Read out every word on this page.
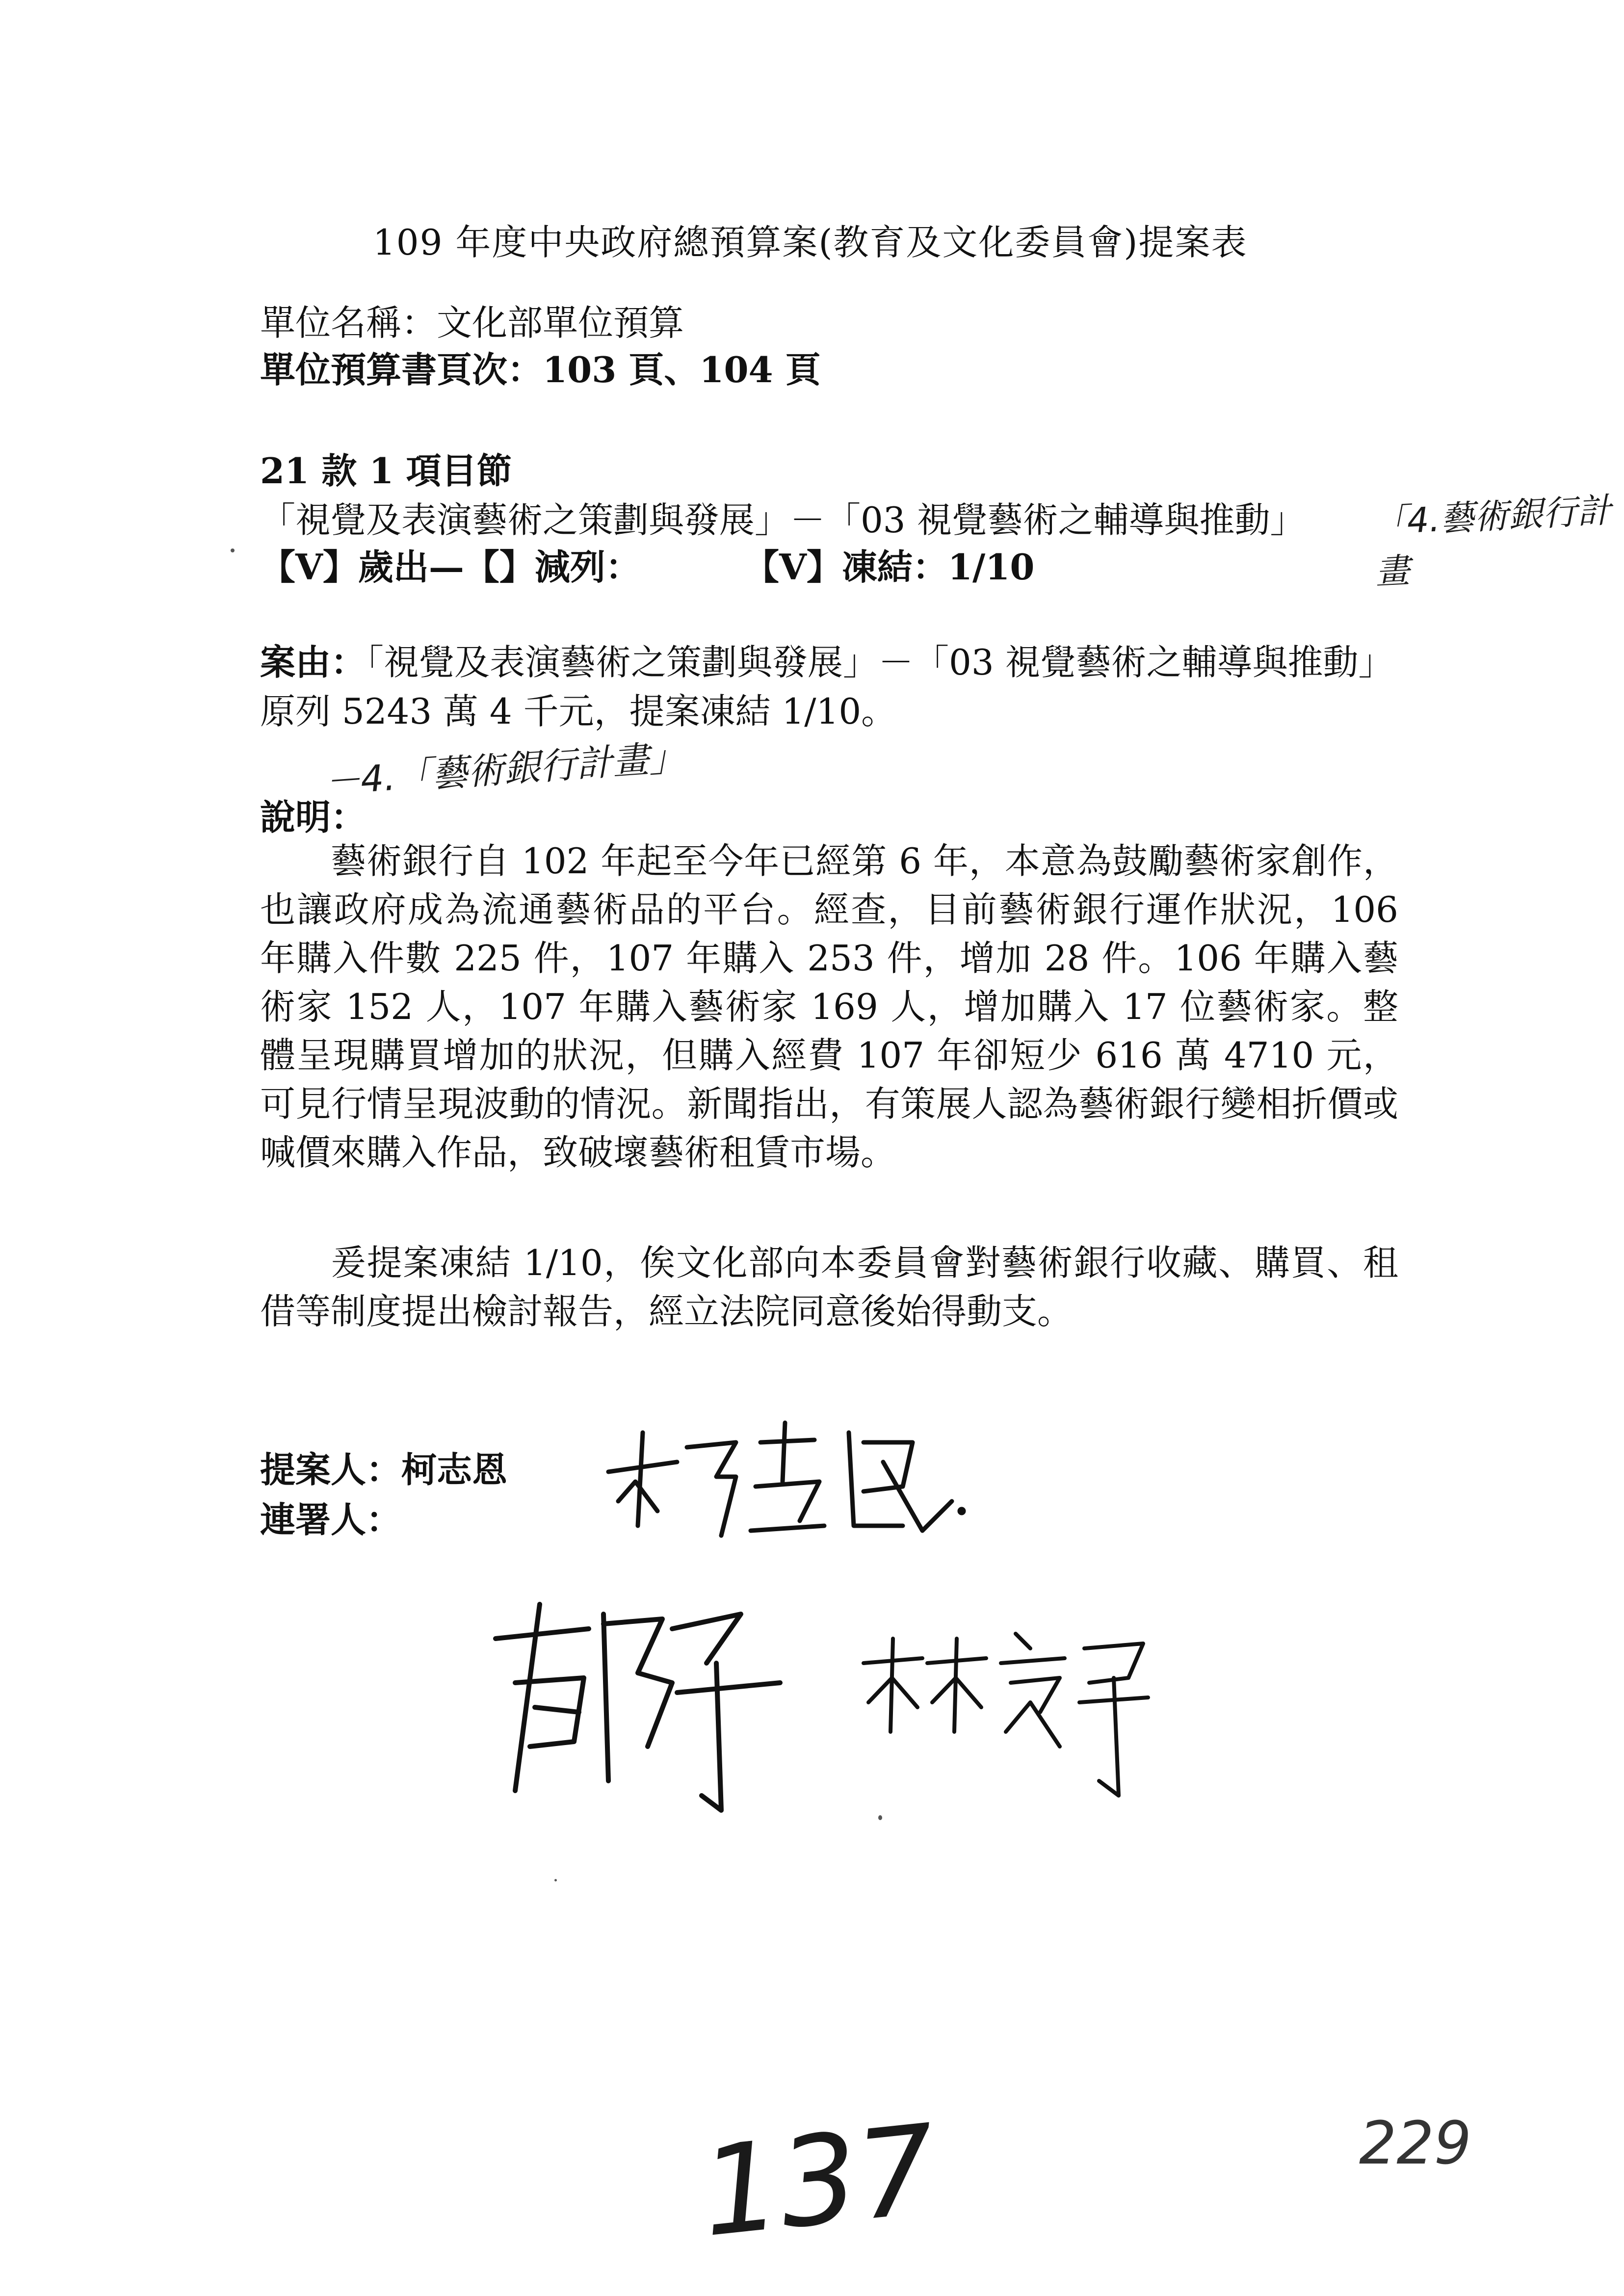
109 年度中央政府總預算案(教育及文化委員會)提案表
單位名稱：文化部單位預算
單位預算書頁次：103 頁、104 頁
21 款 1 項目節
「視覺及表演藝術之策劃與發展」－「03 視覺藝術之輔導與推動」 「4.藝術銀行計畫
【V】歲出—【】減列：	【V】凍結：1/10
案由：「視覺及表演藝術之策劃與發展」－「03 視覺藝術之輔導與推動」原列 5243 萬 4 千元，提案凍結 1/10。
－4.「藝術銀行計畫」
說明：
藝術銀行自 102 年起至今年已經第 6 年，本意為鼓勵藝術家創作，也讓政府成為流通藝術品的平台。經查，目前藝術銀行運作狀況，106 年購入件數 225 件，107 年購入 253 件，增加 28 件。106 年購入藝術家 152 人，107 年購入藝術家 169 人，增加購入 17 位藝術家。整體呈現購買增加的狀況，但購入經費 107 年卻短少 616 萬 4710 元，可見行情呈現波動的情況。新聞指出，有策展人認為藝術銀行變相折價或喊價來購入作品，致破壞藝術租賃市場。
爰提案凍結 1/10，俟文化部向本委員會對藝術銀行收藏、購買、租借等制度提出檢討報告，經立法院同意後始得動支。
提案人：柯志恩
連署人：
137	229
